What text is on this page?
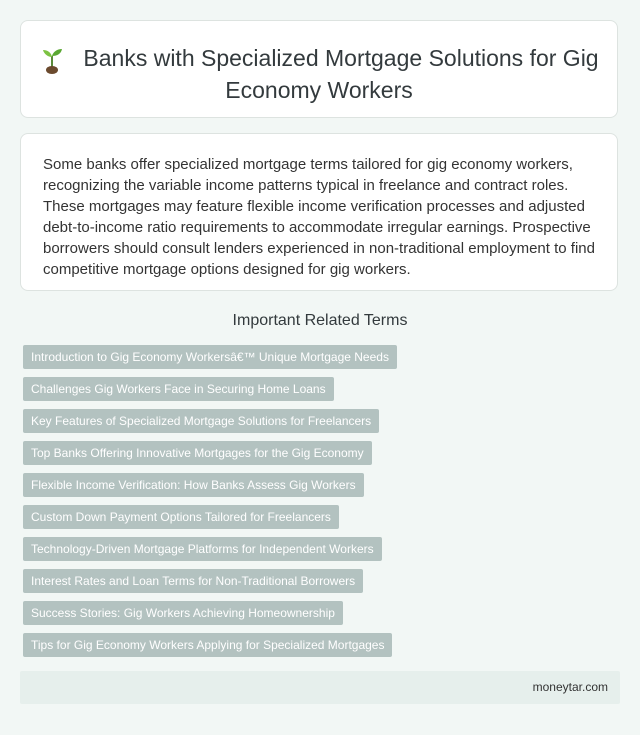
Banks with Specialized Mortgage Solutions for Gig Economy Workers

Some banks offer specialized mortgage terms tailored for gig economy workers, recognizing the variable income patterns typical in freelance and contract roles. These mortgages may feature flexible income verification processes and adjusted debt-to-income ratio requirements to accommodate irregular earnings. Prospective borrowers should consult lenders experienced in non-traditional employment to find competitive mortgage options designed for gig workers.

Important Related Terms
Introduction to Gig Economy Workersâ€™ Unique Mortgage Needs
Challenges Gig Workers Face in Securing Home Loans
Key Features of Specialized Mortgage Solutions for Freelancers
Top Banks Offering Innovative Mortgages for the Gig Economy
Flexible Income Verification: How Banks Assess Gig Workers
Custom Down Payment Options Tailored for Freelancers
Technology-Driven Mortgage Platforms for Independent Workers
Interest Rates and Loan Terms for Non-Traditional Borrowers
Success Stories: Gig Workers Achieving Homeownership
Tips for Gig Economy Workers Applying for Specialized Mortgages
moneytar.com
